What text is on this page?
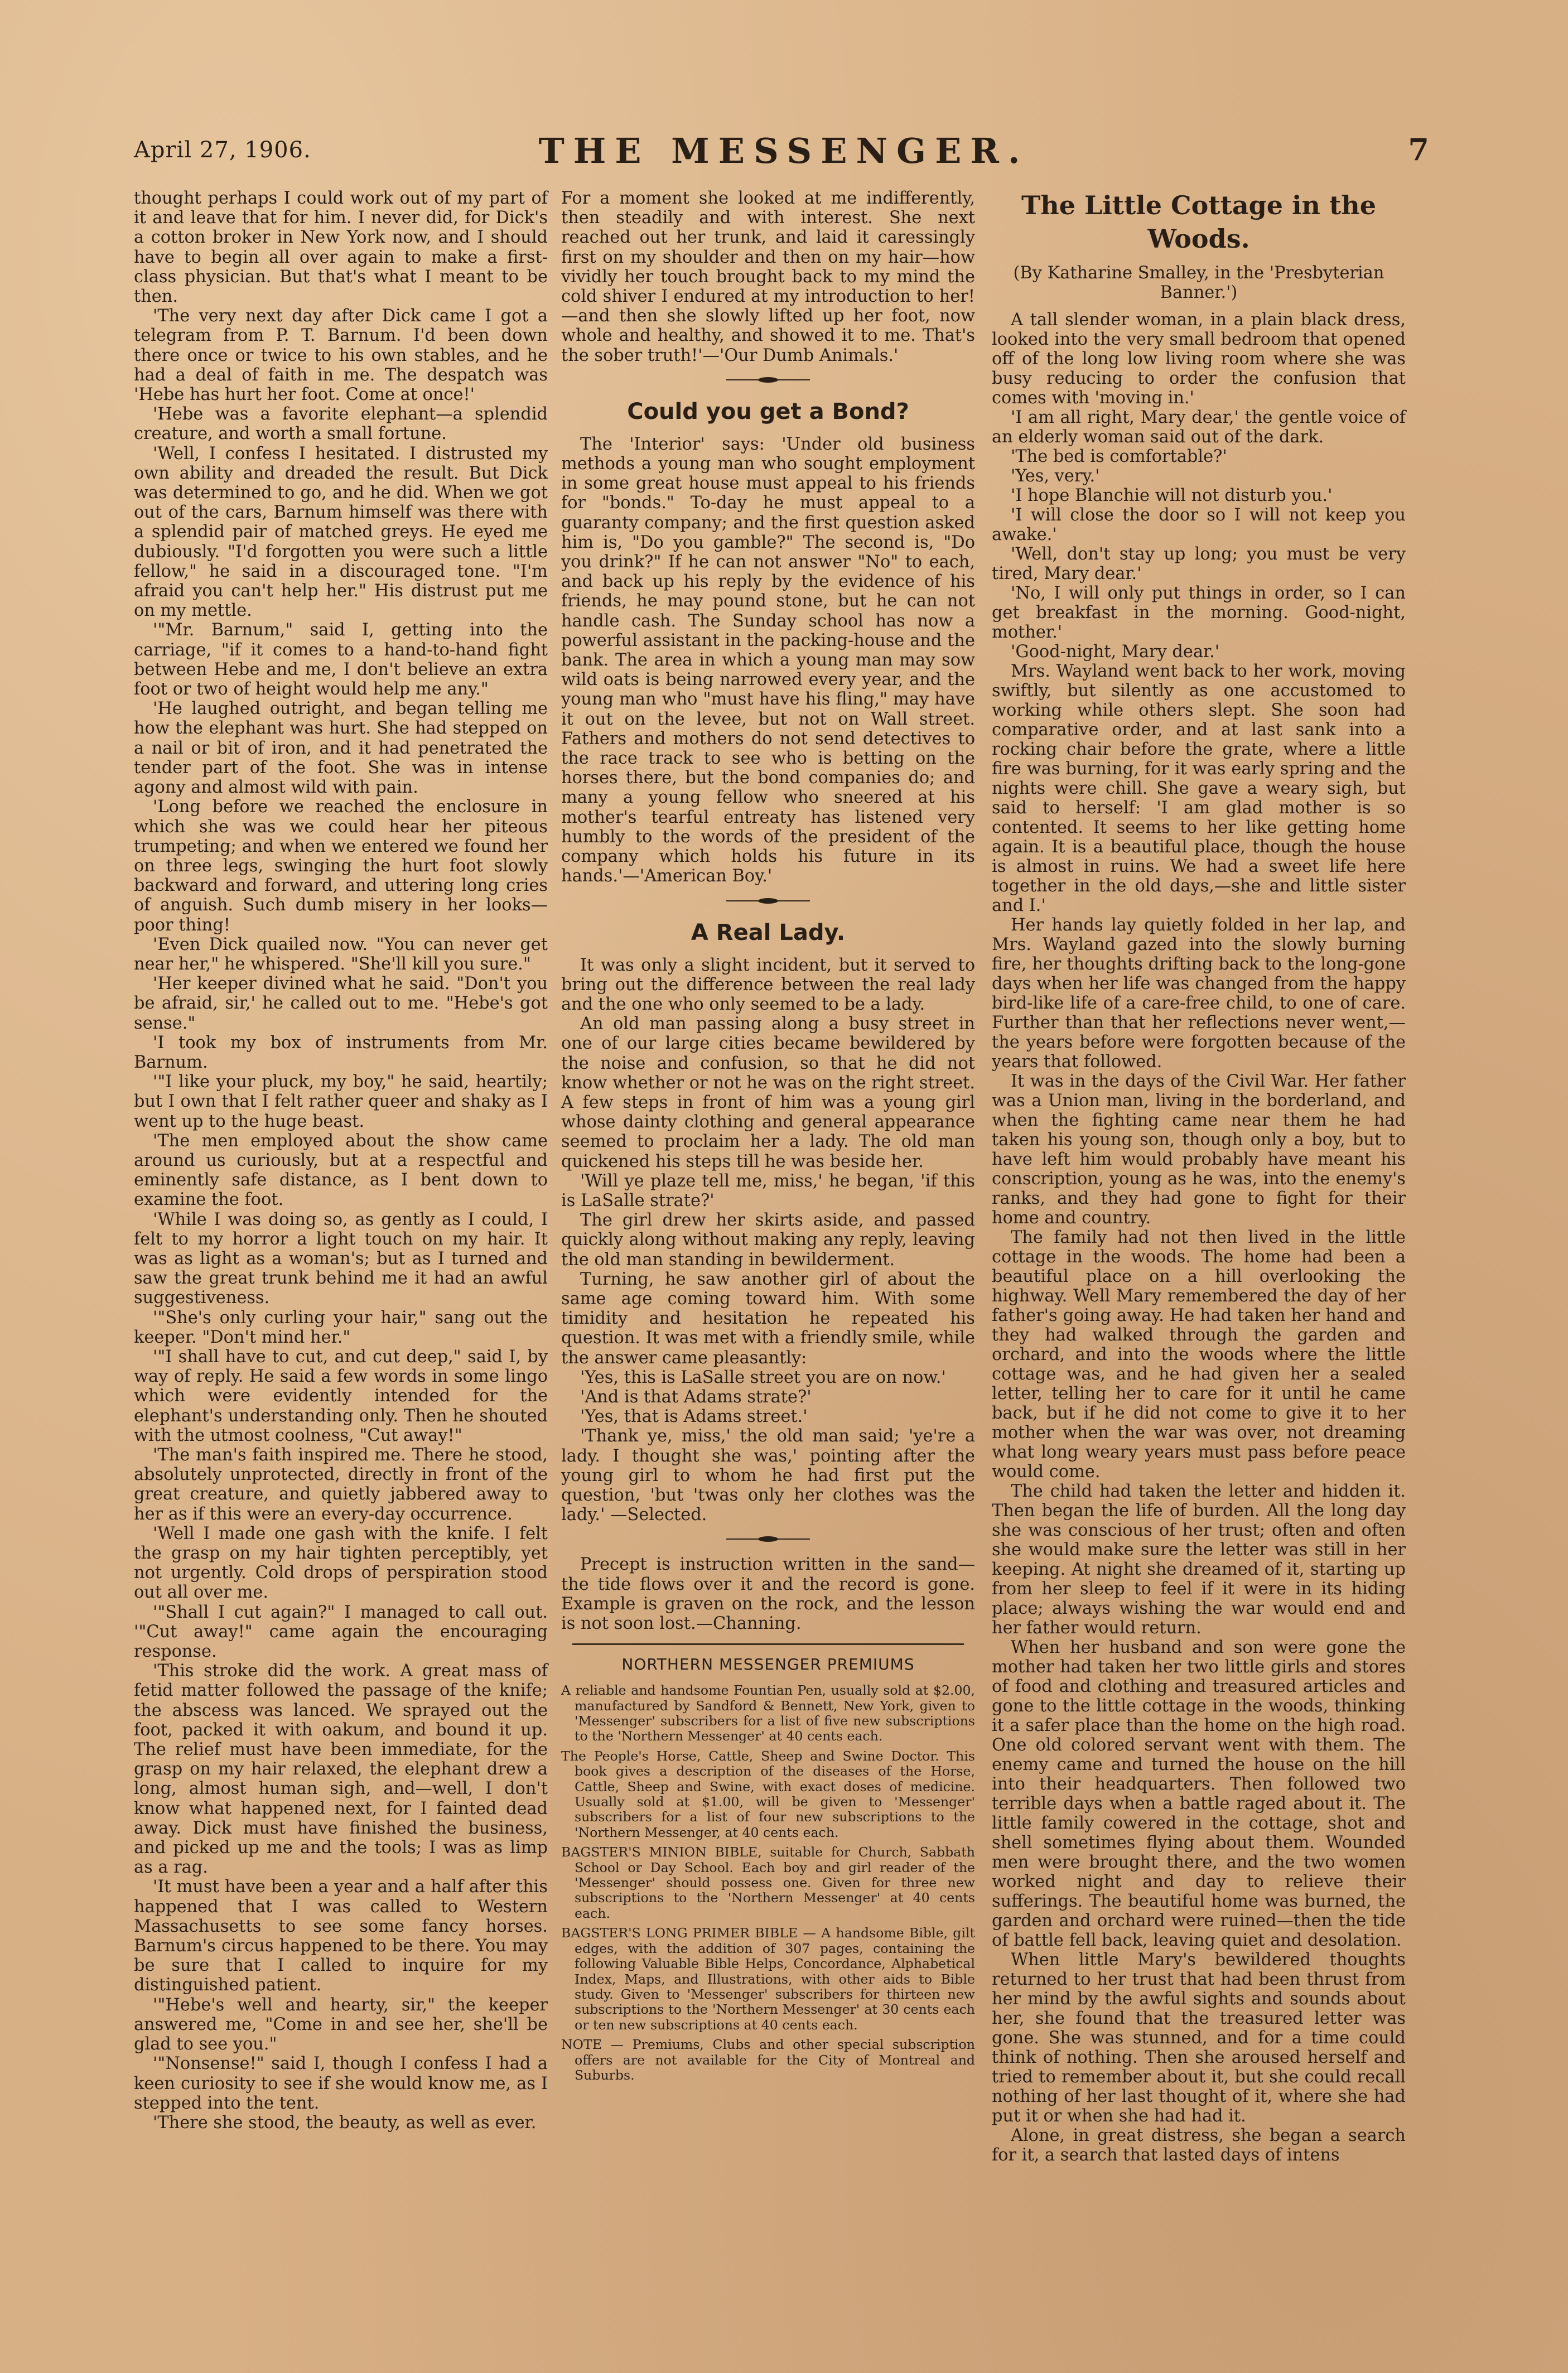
April 27, 1906.	THE MESSENGER.	7

thought perhaps I could work out of my part of it and leave that for him. I never did, for Dick's a cotton broker in New York now, and I should have to begin all over again to make a first-class physician. But that's what I meant to be then.

'The very next day after Dick came I got a telegram from P. T. Barnum. I'd been down there once or twice to his own stables, and he had a deal of faith in me. The despatch was 'Hebe has hurt her foot. Come at once!'

'Hebe was a favorite elephant—a splendid creature, and worth a small fortune.

'Well, I confess I hesitated. I distrusted my own ability and dreaded the result. But Dick was determined to go, and he did. When we got out of the cars, Barnum himself was there with a splendid pair of matched greys. He eyed me dubiously. "I'd forgotten you were such a little fellow," he said in a discouraged tone. "I'm afraid you can't help her." His distrust put me on my mettle.

'"Mr. Barnum," said I, getting into the carriage, "if it comes to a hand-to-hand fight between Hebe and me, I don't believe an extra foot or two of height would help me any."

'He laughed outright, and began telling me how the elephant was hurt. She had stepped on a nail or bit of iron, and it had penetrated the tender part of the foot. She was in intense agony and almost wild with pain.

'Long before we reached the enclosure in which she was we could hear her piteous trumpeting; and when we entered we found her on three legs, swinging the hurt foot slowly backward and forward, and uttering long cries of anguish. Such dumb misery in her looks—poor thing!

'Even Dick quailed now. "You can never get near her," he whispered. "She'll kill you sure."

'Her keeper divined what he said. "Don't you be afraid, sir,' he called out to me. "Hebe's got sense."

'I took my box of instruments from Mr. Barnum.

'"I like your pluck, my boy," he said, heartily; but I own that I felt rather queer and shaky as I went up to the huge beast.

'The men employed about the show came around us curiously, but at a respectful and eminently safe distance, as I bent down to examine the foot.

'While I was doing so, as gently as I could, I felt to my horror a light touch on my hair. It was as light as a woman's; but as I turned and saw the great trunk behind me it had an awful suggestiveness.

'"She's only curling your hair," sang out the keeper. "Don't mind her."

'"I shall have to cut, and cut deep," said I, by way of reply. He said a few words in some lingo which were evidently intended for the elephant's understanding only. Then he shouted with the utmost coolness, "Cut away!"

'The man's faith inspired me. There he stood, absolutely unprotected, directly in front of the great creature, and quietly jabbered away to her as if this were an every-day occurrence.

'Well I made one gash with the knife. I felt the grasp on my hair tighten perceptibly, yet not urgently. Cold drops of perspiration stood out all over me.

'"Shall I cut again?" I managed to call out. '"Cut away!" came again the encouraging response.

'This stroke did the work. A great mass of fetid matter followed the passage of the knife; the abscess was lanced. We sprayed out the foot, packed it with oakum, and bound it up. The relief must have been immediate, for the grasp on my hair relaxed, the elephant drew a long, almost human sigh, and—well, I don't know what happened next, for I fainted dead away. Dick must have finished the business, and picked up me and the tools; I was as limp as a rag.

'It must have been a year and a half after this happened that I was called to Western Massachusetts to see some fancy horses. Barnum's circus happened to be there. You may be sure that I called to inquire for my distinguished patient.

'"Hebe's well and hearty, sir," the keeper answered me, "Come in and see her, she'll be glad to see you."

'"Nonsense!" said I, though I confess I had a keen curiosity to see if she would know me, as I stepped into the tent.

'There she stood, the beauty, as well as ever.

For a moment she looked at me indifferently, then steadily and with interest. She next reached out her trunk, and laid it caressingly first on my shoulder and then on my hair—how vividly her touch brought back to my mind the cold shiver I endured at my introduction to her!—and then she slowly lifted up her foot, now whole and healthy, and showed it to me. That's the sober truth!'—'Our Dumb Animals.'

Could you get a Bond?

The 'Interior' says: 'Under old business methods a young man who sought employment in some great house must appeal to his friends for "bonds." To-day he must appeal to a guaranty company; and the first question asked him is, "Do you gamble?" The second is, "Do you drink?" If he can not answer "No" to each, and back up his reply by the evidence of his friends, he may pound stone, but he can not handle cash. The Sunday school has now a powerful assistant in the packing-house and the bank. The area in which a young man may sow wild oats is being narrowed every year, and the young man who "must have his fling," may have it out on the levee, but not on Wall street. Fathers and mothers do not send detectives to the race track to see who is betting on the horses there, but the bond companies do; and many a young fellow who sneered at his mother's tearful entreaty has listened very humbly to the words of the president of the company which holds his future in its hands.'—'American Boy.'

A Real Lady.

It was only a slight incident, but it served to bring out the difference between the real lady and the one who only seemed to be a lady.

An old man passing along a busy street in one of our large cities became bewildered by the noise and confusion, so that he did not know whether or not he was on the right street. A few steps in front of him was a young girl whose dainty clothing and general appearance seemed to proclaim her a lady. The old man quickened his steps till he was beside her.

'Will ye plaze tell me, miss,' he began, 'if this is LaSalle strate?'

The girl drew her skirts aside, and passed quickly along without making any reply, leaving the old man standing in bewilderment.

Turning, he saw another girl of about the same age coming toward him. With some timidity and hesitation he repeated his question. It was met with a friendly smile, while the answer came pleasantly:

'Yes, this is LaSalle street you are on now.'

'And is that Adams strate?'

'Yes, that is Adams street.'

'Thank ye, miss,' the old man said; 'ye're a lady. I thought she was,' pointing after the young girl to whom he had first put the question, 'but 'twas only her clothes was the lady.' —Selected.

Precept is instruction written in the sand—the tide flows over it and the record is gone. Example is graven on the rock, and the lesson is not soon lost.—Channing.

NORTHERN MESSENGER PREMIUMS

A reliable and handsome Fountian Pen, usually sold at $2.00, manufactured by Sandford & Bennett, New York, given to 'Messenger' subscribers for a list of five new subscriptions to the 'Northern Messenger' at 40 cents each.

The People's Horse, Cattle, Sheep and Swine Doctor. This book gives a description of the diseases of the Horse, Cattle, Sheep and Swine, with exact doses of medicine. Usually sold at $1.00, will be given to 'Messenger' subscribers for a list of four new subscriptions to the 'Northern Messenger, at 40 cents each.

BAGSTER'S MINION BIBLE, suitable for Church, Sabbath School or Day School. Each boy and girl reader of the 'Messenger' should possess one. Given for three new subscriptions to the 'Northern Messenger' at 40 cents each.

BAGSTER'S LONG PRIMER BIBLE — A handsome Bible, gilt edges, with the addition of 307 pages, containing the following Valuable Bible Helps, Concordance, Alphabetical Index, Maps, and Illustrations, with other aids to Bible study. Given to 'Messenger' subscribers for thirteen new subscriptions to the 'Northern Messenger' at 30 cents each or ten new subscriptions at 40 cents each.

NOTE — Premiums, Clubs and other special subscription offers are not available for the City of Montreal and Suburbs.

The Little Cottage in the Woods.

(By Katharine Smalley, in the 'Presbyterian Banner.')

A tall slender woman, in a plain black dress, looked into the very small bedroom that opened off of the long low living room where she was busy reducing to order the confusion that comes with 'moving in.'

'I am all right, Mary dear,' the gentle voice of an elderly woman said out of the dark.

'The bed is comfortable?'

'Yes, very.'

'I hope Blanchie will not disturb you.'

'I will close the door so I will not keep you awake.'

'Well, don't stay up long; you must be very tired, Mary dear.'

'No, I will only put things in order, so I can get breakfast in the morning. Good-night, mother.'

'Good-night, Mary dear.'

Mrs. Wayland went back to her work, moving swiftly, but silently as one accustomed to working while others slept. She soon had comparative order, and at last sank into a rocking chair before the grate, where a little fire was burning, for it was early spring and the nights were chill. She gave a weary sigh, but said to herself: 'I am glad mother is so contented. It seems to her like getting home again. It is a beautiful place, though the house is almost in ruins. We had a sweet life here together in the old days,—she and little sister and I.'

Her hands lay quietly folded in her lap, and Mrs. Wayland gazed into the slowly burning fire, her thoughts drifting back to the long-gone days when her life was changed from the happy bird-like life of a care-free child, to one of care. Further than that her reflections never went,—the years before were forgotten because of the years that followed.

It was in the days of the Civil War. Her father was a Union man, living in the borderland, and when the fighting came near them he had taken his young son, though only a boy, but to have left him would probably have meant his conscription, young as he was, into the enemy's ranks, and they had gone to fight for their home and country.

The family had not then lived in the little cottage in the woods. The home had been a beautiful place on a hill overlooking the highway. Well Mary remembered the day of her father's going away. He had taken her hand and they had walked through the garden and orchard, and into the woods where the little cottage was, and he had given her a sealed letter, telling her to care for it until he came back, but if he did not come to give it to her mother when the war was over, not dreaming what long weary years must pass before peace would come.

The child had taken the letter and hidden it. Then began the life of burden. All the long day she was conscious of her trust; often and often she would make sure the letter was still in her keeping. At night she dreamed of it, starting up from her sleep to feel if it were in its hiding place; always wishing the war would end and her father would return.

When her husband and son were gone the mother had taken her two little girls and stores of food and clothing and treasured articles and gone to the little cottage in the woods, thinking it a safer place than the home on the high road. One old colored servant went with them. The enemy came and turned the house on the hill into their headquarters. Then followed two terrible days when a battle raged about it. The little family cowered in the cottage, shot and shell sometimes flying about them. Wounded men were brought there, and the two women worked night and day to relieve their sufferings. The beautiful home was burned, the garden and orchard were ruined—then the tide of battle fell back, leaving quiet and desolation.

When little Mary's bewildered thoughts returned to her trust that had been thrust from her mind by the awful sights and sounds about her, she found that the treasured letter was gone. She was stunned, and for a time could think of nothing. Then she aroused herself and tried to remember about it, but she could recall nothing of her last thought of it, where she had put it or when she had had it.

Alone, in great distress, she began a search for it, a search that lasted days of intens
